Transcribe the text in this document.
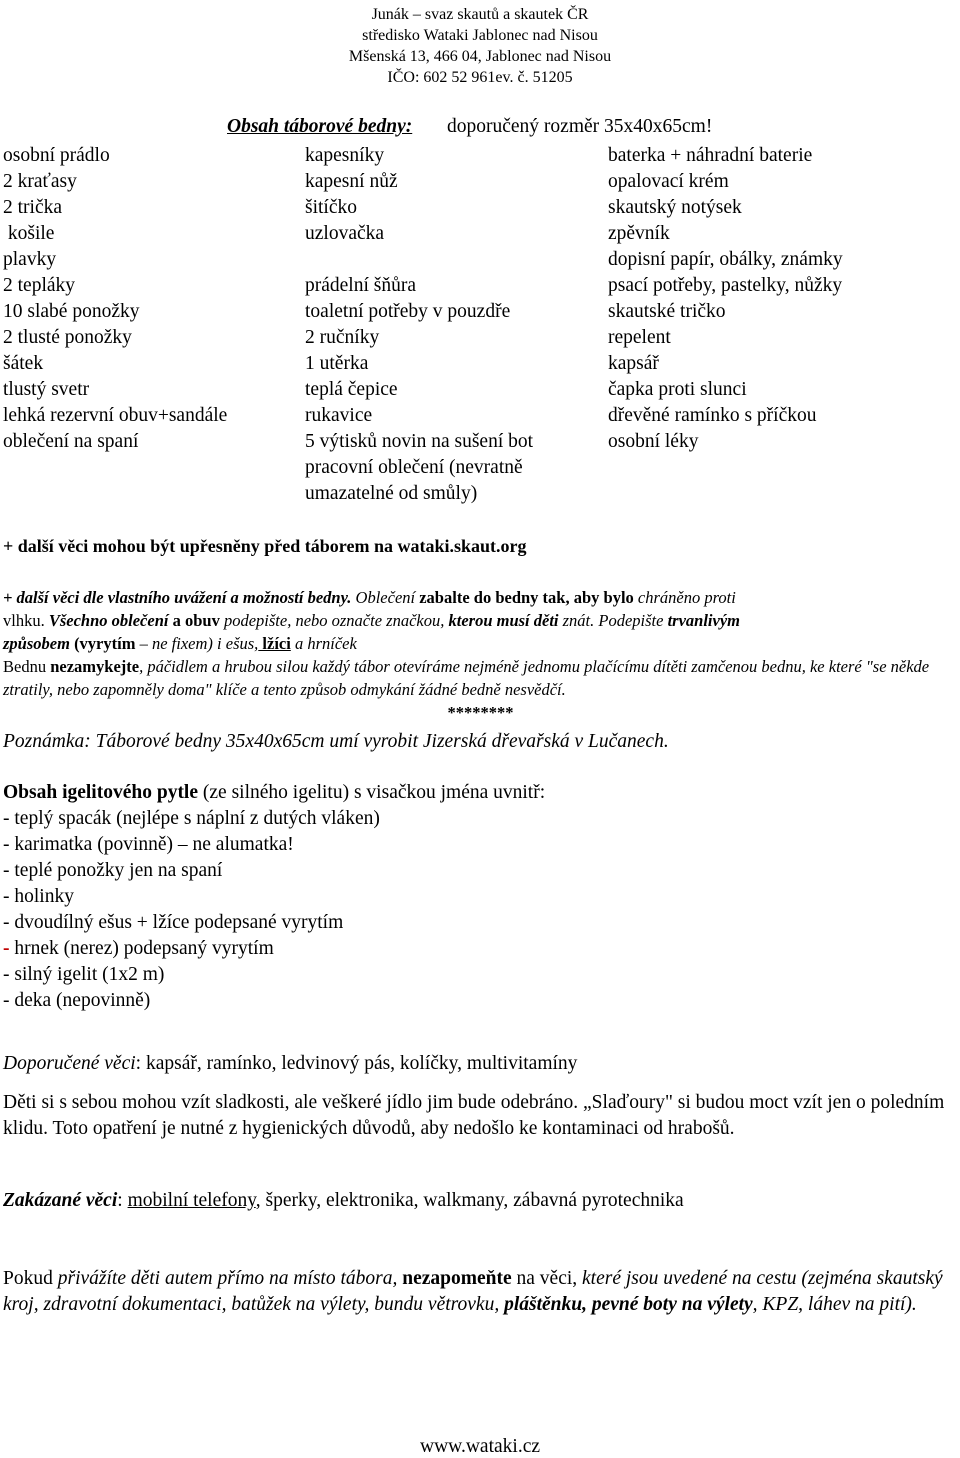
Junák – svaz skautů a skautek ČR
středisko Wataki Jablonec nad Nisou
Mšenská 13, 466 04, Jablonec nad Nisou
IČO: 602 52 961ev. č. 51205
Obsah táborové bedny: doporučený rozměr 35x40x65cm!
osobní prádlo
2 kraťasy
2 trička
košile
plavky
2 tepláky
10 slabé ponožky
2 tlusté ponožky
šátek
tlustý svetr
lehká rezervní obuv+sandále
oblečení na spaní
kapesníky
kapesní nůž
šitíčko
uzlovačka
prádelní šňůra
toaletní potřeby v pouzdře
2 ručníky
1 utěrka
teplá čepice
rukavice
5 výtisků novin na sušení bot
pracovní oblečení (nevratně
umazatelné od smůly)
baterka + náhradní baterie
opalovací krém
skautský notýsek
zpěvník
dopisní papír, obálky, známky
psací potřeby, pastelky, nůžky
skautské tričko
repelent
kapsář
čapka proti slunci
dřevěné ramínko s příčkou
osobní léky
+ další věci mohou být upřesněny před táborem na wataki.skaut.org

+ další věci dle vlastního uvážení a možností bedny. Oblečení zabalte do bedny tak, aby bylo chráněno proti

vlhku. Všechno oblečení a obuv podepište, nebo označte značkou, kterou musí děti znát. Podepište trvanlivým

způsobem (vyrytím – ne fixem) i ešus, lžíci a hrníček

Bednu nezamykejte, páčidlem a hrubou silou každý tábor otevíráme nejméně jednomu plačícímu dítěti zamčenou bednu, ke které "se někde ztratily, nebo zapomněly doma" klíče a tento způsob odmykání žádné bedně nesvědčí.

********

Poznámka: Táborové bedny 35x40x65cm umí vyrobit Jizerská dřevařská v Lučanech.
Obsah igelitového pytle (ze silného igelitu) s visačkou jména uvnitř:
- teplý spacák (nejlépe s náplní z dutých vláken)
- karimatka (povinně) – ne alumatka!
- teplé ponožky jen na spaní
- holinky
- dvoudílný ešus + lžíce podepsané vyrytím
- hrnek (nerez) podepsaný vyrytím
- silný igelit (1x2 m)
- deka (nepovinně)
Doporučené věci: kapsář, ramínko, ledvinový pás, kolíčky, multivitamíny
Děti si s sebou mohou vzít sladkosti, ale veškeré jídlo jim bude odebráno. „Slaďoury" si budou moct vzít jen o poledním klidu. Toto opatření je nutné z hygienických důvodů, aby nedošlo ke kontaminaci od hrabošů.
Zakázané věci: mobilní telefony, šperky, elektronika, walkmany, zábavná pyrotechnika
Pokud přivážíte děti autem přímo na místo tábora, nezapomeňte na věci, které jsou uvedené na cestu (zejména skautský kroj, zdravotní dokumentaci, batůžek na výlety, bundu větrovku, pláštěnku, pevné boty na výlety, KPZ, láhev na pití).
www.wataki.cz
